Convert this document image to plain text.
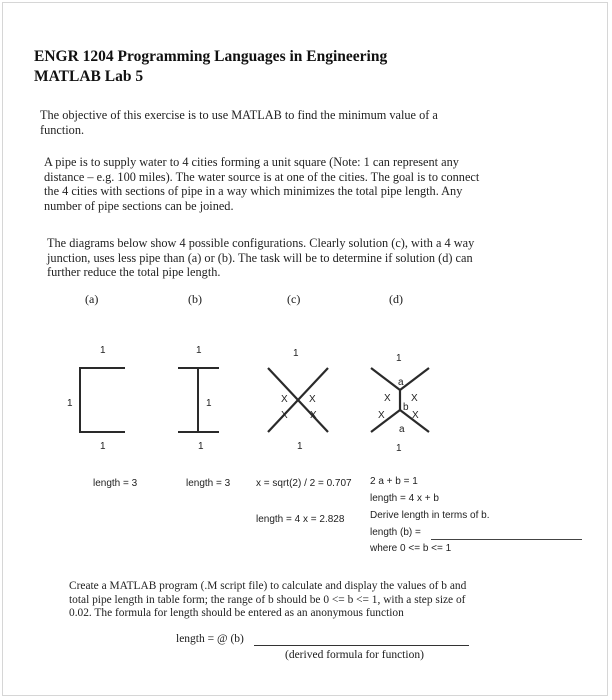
ENGR 1204 Programming Languages in Engineering
MATLAB Lab 5
The objective of this exercise is to use MATLAB to find the minimum value of a
function.
A pipe is to supply water to 4 cities forming a unit square (Note: 1 can represent any
distance – e.g. 100 miles). The water source is at one of the cities. The goal is to connect
the 4 cities with sections of pipe in a way which minimizes the total pipe length. Any
number of pipe sections can be joined.
The diagrams below show 4 possible configurations. Clearly solution (c), with a 4 way
junction, uses less pipe than (a) or (b). The task will be to determine if solution (d) can
further reduce the total pipe length.
(a)	(b)	(c)	(d)
1
1
1
1
1
1
1
X X
X X
1
1
a
X X
b
X	X
a
1
length = 3	length = 3	x = sqrt(2) / 2 = 0.707
length = 4 x = 2.828
2 a + b = 1
length = 4 x + b
Derive length in terms of b.
length (b) =
where 0 <= b <= 1
Create a MATLAB program (.M script file) to calculate and display the values of b and
total pipe length in table form; the range of b should be 0 <= b <= 1, with a step size of
0.02. The formula for length should be entered as an anonymous function
length = @ (b)
(derived formula for function)
